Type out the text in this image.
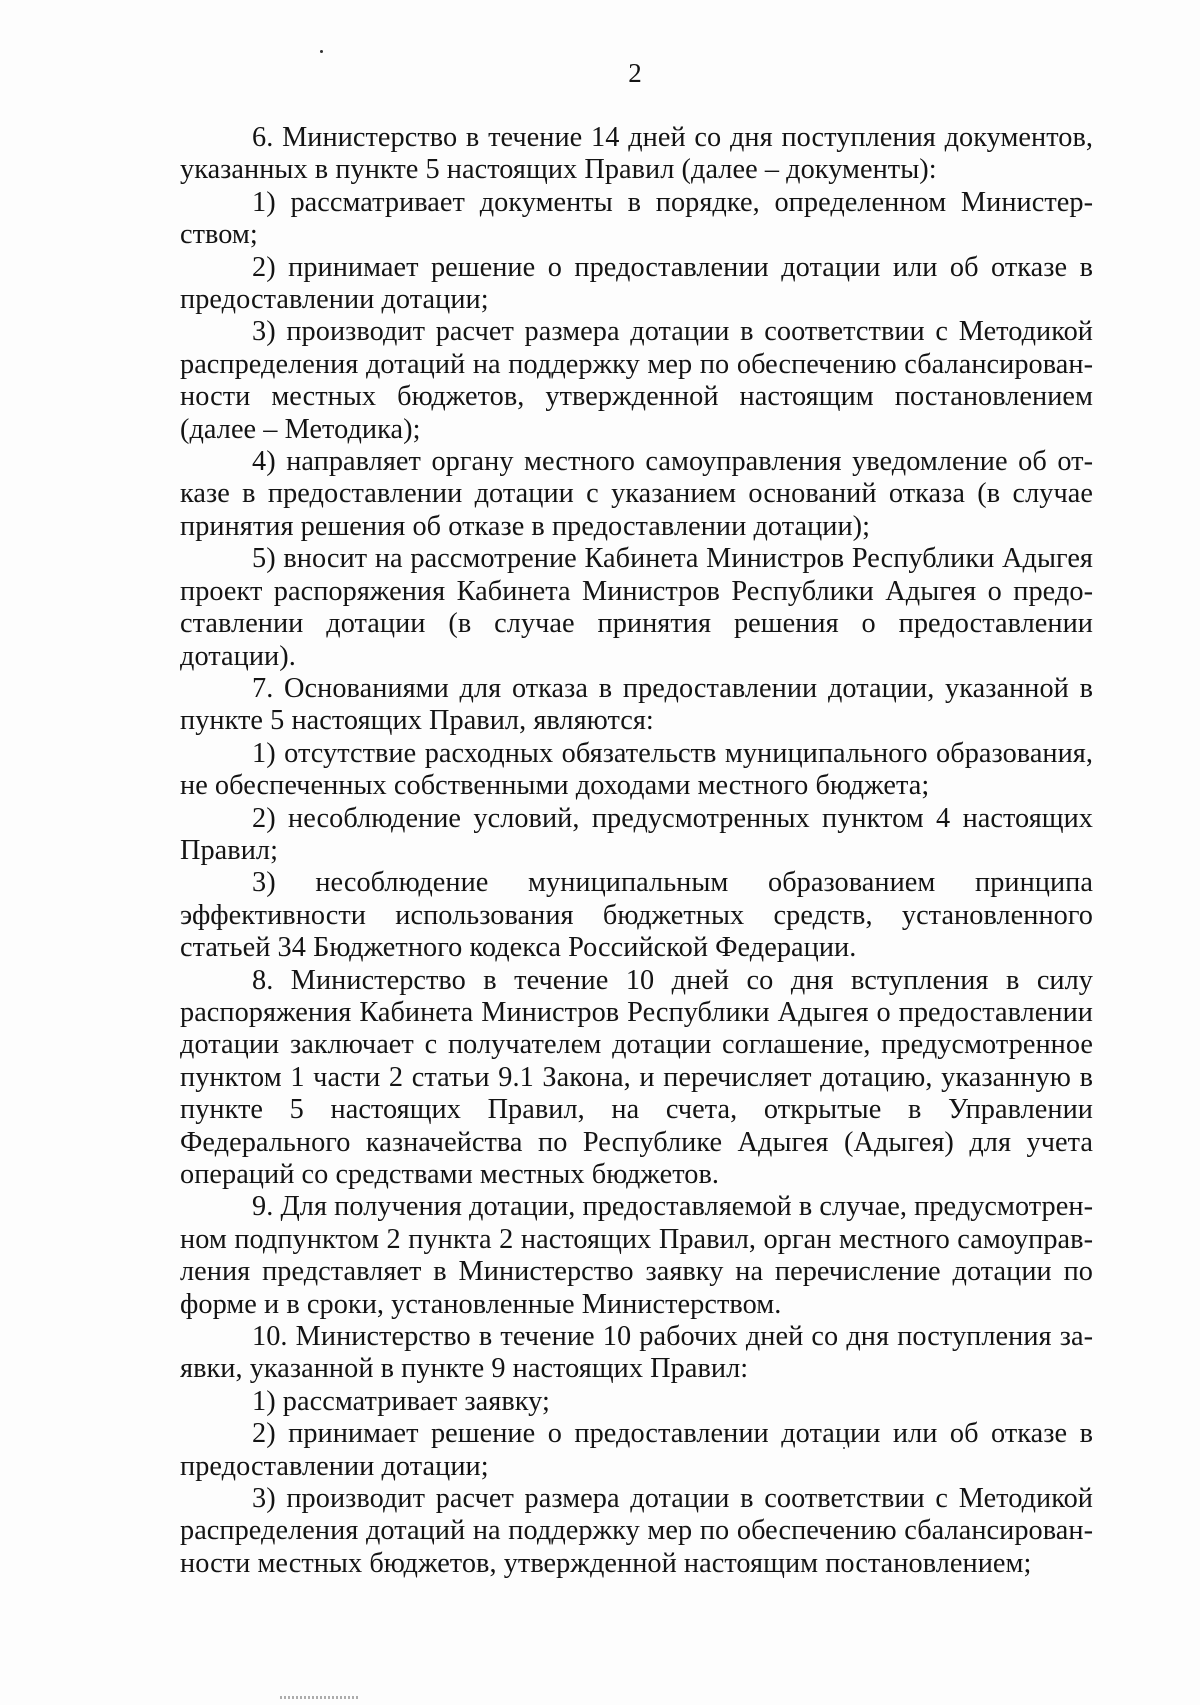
2

6. Министерство в течение 14 дней со дня поступления документов, указанных в пункте 5 настоящих Правил (далее – документы):

1) рассматривает документы в порядке, определенном Министерством;

2) принимает решение о предоставлении дотации или об отказе в предоставлении дотации;

3) производит расчет размера дотации в соответствии с Методикой распределения дотаций на поддержку мер по обеспечению сбалансированности местных бюджетов, утвержденной настоящим постановлением (далее – Методика);

4) направляет органу местного самоуправления уведомление об отказе в предоставлении дотации с указанием оснований отказа (в случае принятия решения об отказе в предоставлении дотации);

5) вносит на рассмотрение Кабинета Министров Республики Адыгея проект распоряжения Кабинета Министров Республики Адыгея о предоставлении дотации (в случае принятия решения о предоставлении дотации).

7. Основаниями для отказа в предоставлении дотации, указанной в пункте 5 настоящих Правил, являются:

1) отсутствие расходных обязательств муниципального образования, не обеспеченных собственными доходами местного бюджета;

2) несоблюдение условий, предусмотренных пунктом 4 настоящих Правил;

3) несоблюдение муниципальным образованием принципа эффективности использования бюджетных средств, установленного статьей 34 Бюджетного кодекса Российской Федерации.

8. Министерство в течение 10 дней со дня вступления в силу распоряжения Кабинета Министров Республики Адыгея о предоставлении дотации заключает с получателем дотации соглашение, предусмотренное пунктом 1 части 2 статьи 9.1 Закона, и перечисляет дотацию, указанную в пункте 5 настоящих Правил, на счета, открытые в Управлении Федерального казначейства по Республике Адыгея (Адыгея) для учета операций со средствами местных бюджетов.

9. Для получения дотации, предоставляемой в случае, предусмотренном подпунктом 2 пункта 2 настоящих Правил, орган местного самоуправления представляет в Министерство заявку на перечисление дотации по форме и в сроки, установленные Министерством.

10. Министерство в течение 10 рабочих дней со дня поступления заявки, указанной в пункте 9 настоящих Правил:

1) рассматривает заявку;

2) принимает решение о предоставлении дотации или об отказе в предоставлении дотации;

3) производит расчет размера дотации в соответствии с Методикой распределения дотаций на поддержку мер по обеспечению сбалансированности местных бюджетов, утвержденной настоящим постановлением;
